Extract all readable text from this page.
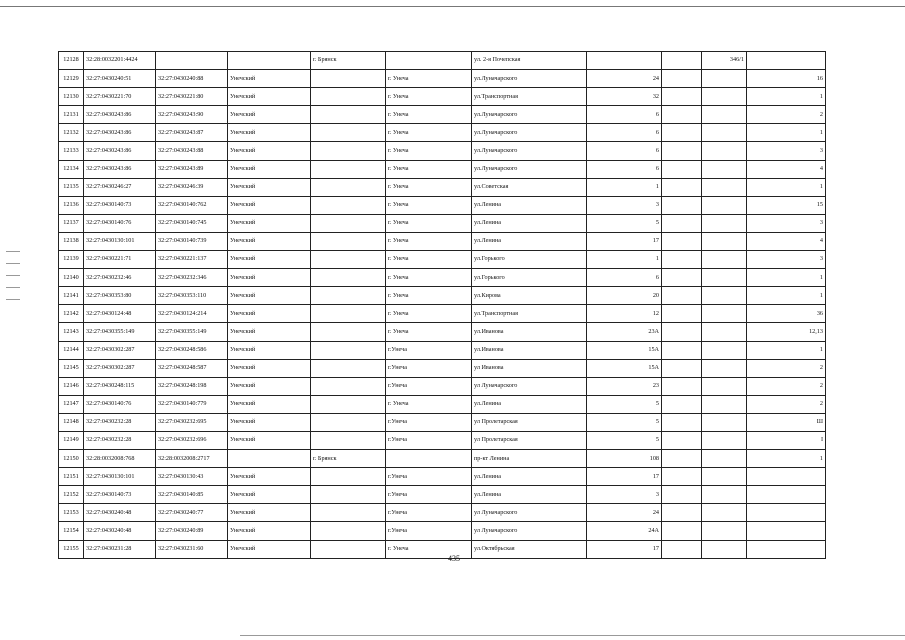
12128	32:28:0032201:4424			г. Брянск		ул. 2-я Почепская			346/1	
12129	32:27:0430240:51	32:27:0430240:88	Унечский		г. Унеча	ул.Луначарского	24			16
12130	32:27:0430221:70	32:27:0430221:80	Унечский		г. Унеча	ул.Транспортная	32			1
12131	32:27:0430243:86	32:27:0430243:90	Унечский		г. Унеча	ул.Луначарского	6			2
12132	32:27:0430243:86	32:27:0430243:87	Унечский		г. Унеча	ул.Луначарского	6			1
12133	32:27:0430243:86	32:27:0430243:88	Унечский		г. Унеча	ул.Луначарского	6			3
12134	32:27:0430243:86	32:27:0430243:89	Унечский		г. Унеча	ул.Луначарского	6			4
12135	32:27:0430246:27	32:27:0430246:39	Унечский		г. Унеча	ул.Советская	1			1
12136	32:27:0430140:73	32:27:0430140:762	Унечский		г. Унеча	ул.Ленина	3			15
12137	32:27:0430140:76	32:27:0430140:745	Унечский		г. Унеча	ул.Ленина	5			3
12138	32:27:0430130:101	32:27:0430140:739	Унечский		г. Унеча	ул.Ленина	17			4
12139	32:27:0430221:71	32:27:0430221:137	Унечский		г. Унеча	ул.Горького	1			3
12140	32:27:0430232:46	32:27:0430232:346	Унечский		г. Унеча	ул.Горького	6			1
12141	32:27:0430353:80	32:27:0430353:110	Унечский		г. Унеча	ул.Кирова	20			1
12142	32:27:0430124:48	32:27:0430124:214	Унечский		г. Унеча	ул.Транспортная	12			36
12143	32:27:0430355:149	32:27:0430355:149	Унечский		г. Унеча	ул.Иванова	23А			12,13
12144	32:27:0430302:287	32:27:0430248:586	Унечский		г.Унеча	ул.Иванова	15А			1
12145	32:27:0430302:287	32:27:0430248:587	Унечский		г.Унеча	ул Иванова	15А			2
12146	32:27:0430248:115	32:27:0430248:198	Унечский		г.Унеча	ул Луначарского	23			2
12147	32:27:0430140:76	32:27:0430140:779	Унечский		г. Унеча	ул.Ленина	5			2
12148	32:27:0430232:28	32:27:0430232:695	Унечский		г.Унеча	ул Пролетарская	5			Ш
12149	32:27:0430232:28	32:27:0430232:696	Унечский		г.Унеча	ул Пролетарская	5			I
12150	32:28:0032008:768	32:28:0032008:2717		г. Брянск		пр-кт Ленина	108			1
12151	32:27:0430130:101	32:27:0430130:43	Унечский		г.Унеча	ул.Ленина	17			
12152	32:27:0430140:73	32:27:0430140:85	Унечский		г.Унеча	ул.Ленина	3			
12153	32:27:0430240:48	32:27:0430240:77	Унечский		г.Унеча	ул Луначарского	24			
12154	32:27:0430240:48	32:27:0430240:89	Унечский		г.Унеча	ул Луначарского	24А			
12155	32:27:0430231:28	32:27:0430231:60	Унечский		г. Унеча	ул.Октябрьская	17			
435
